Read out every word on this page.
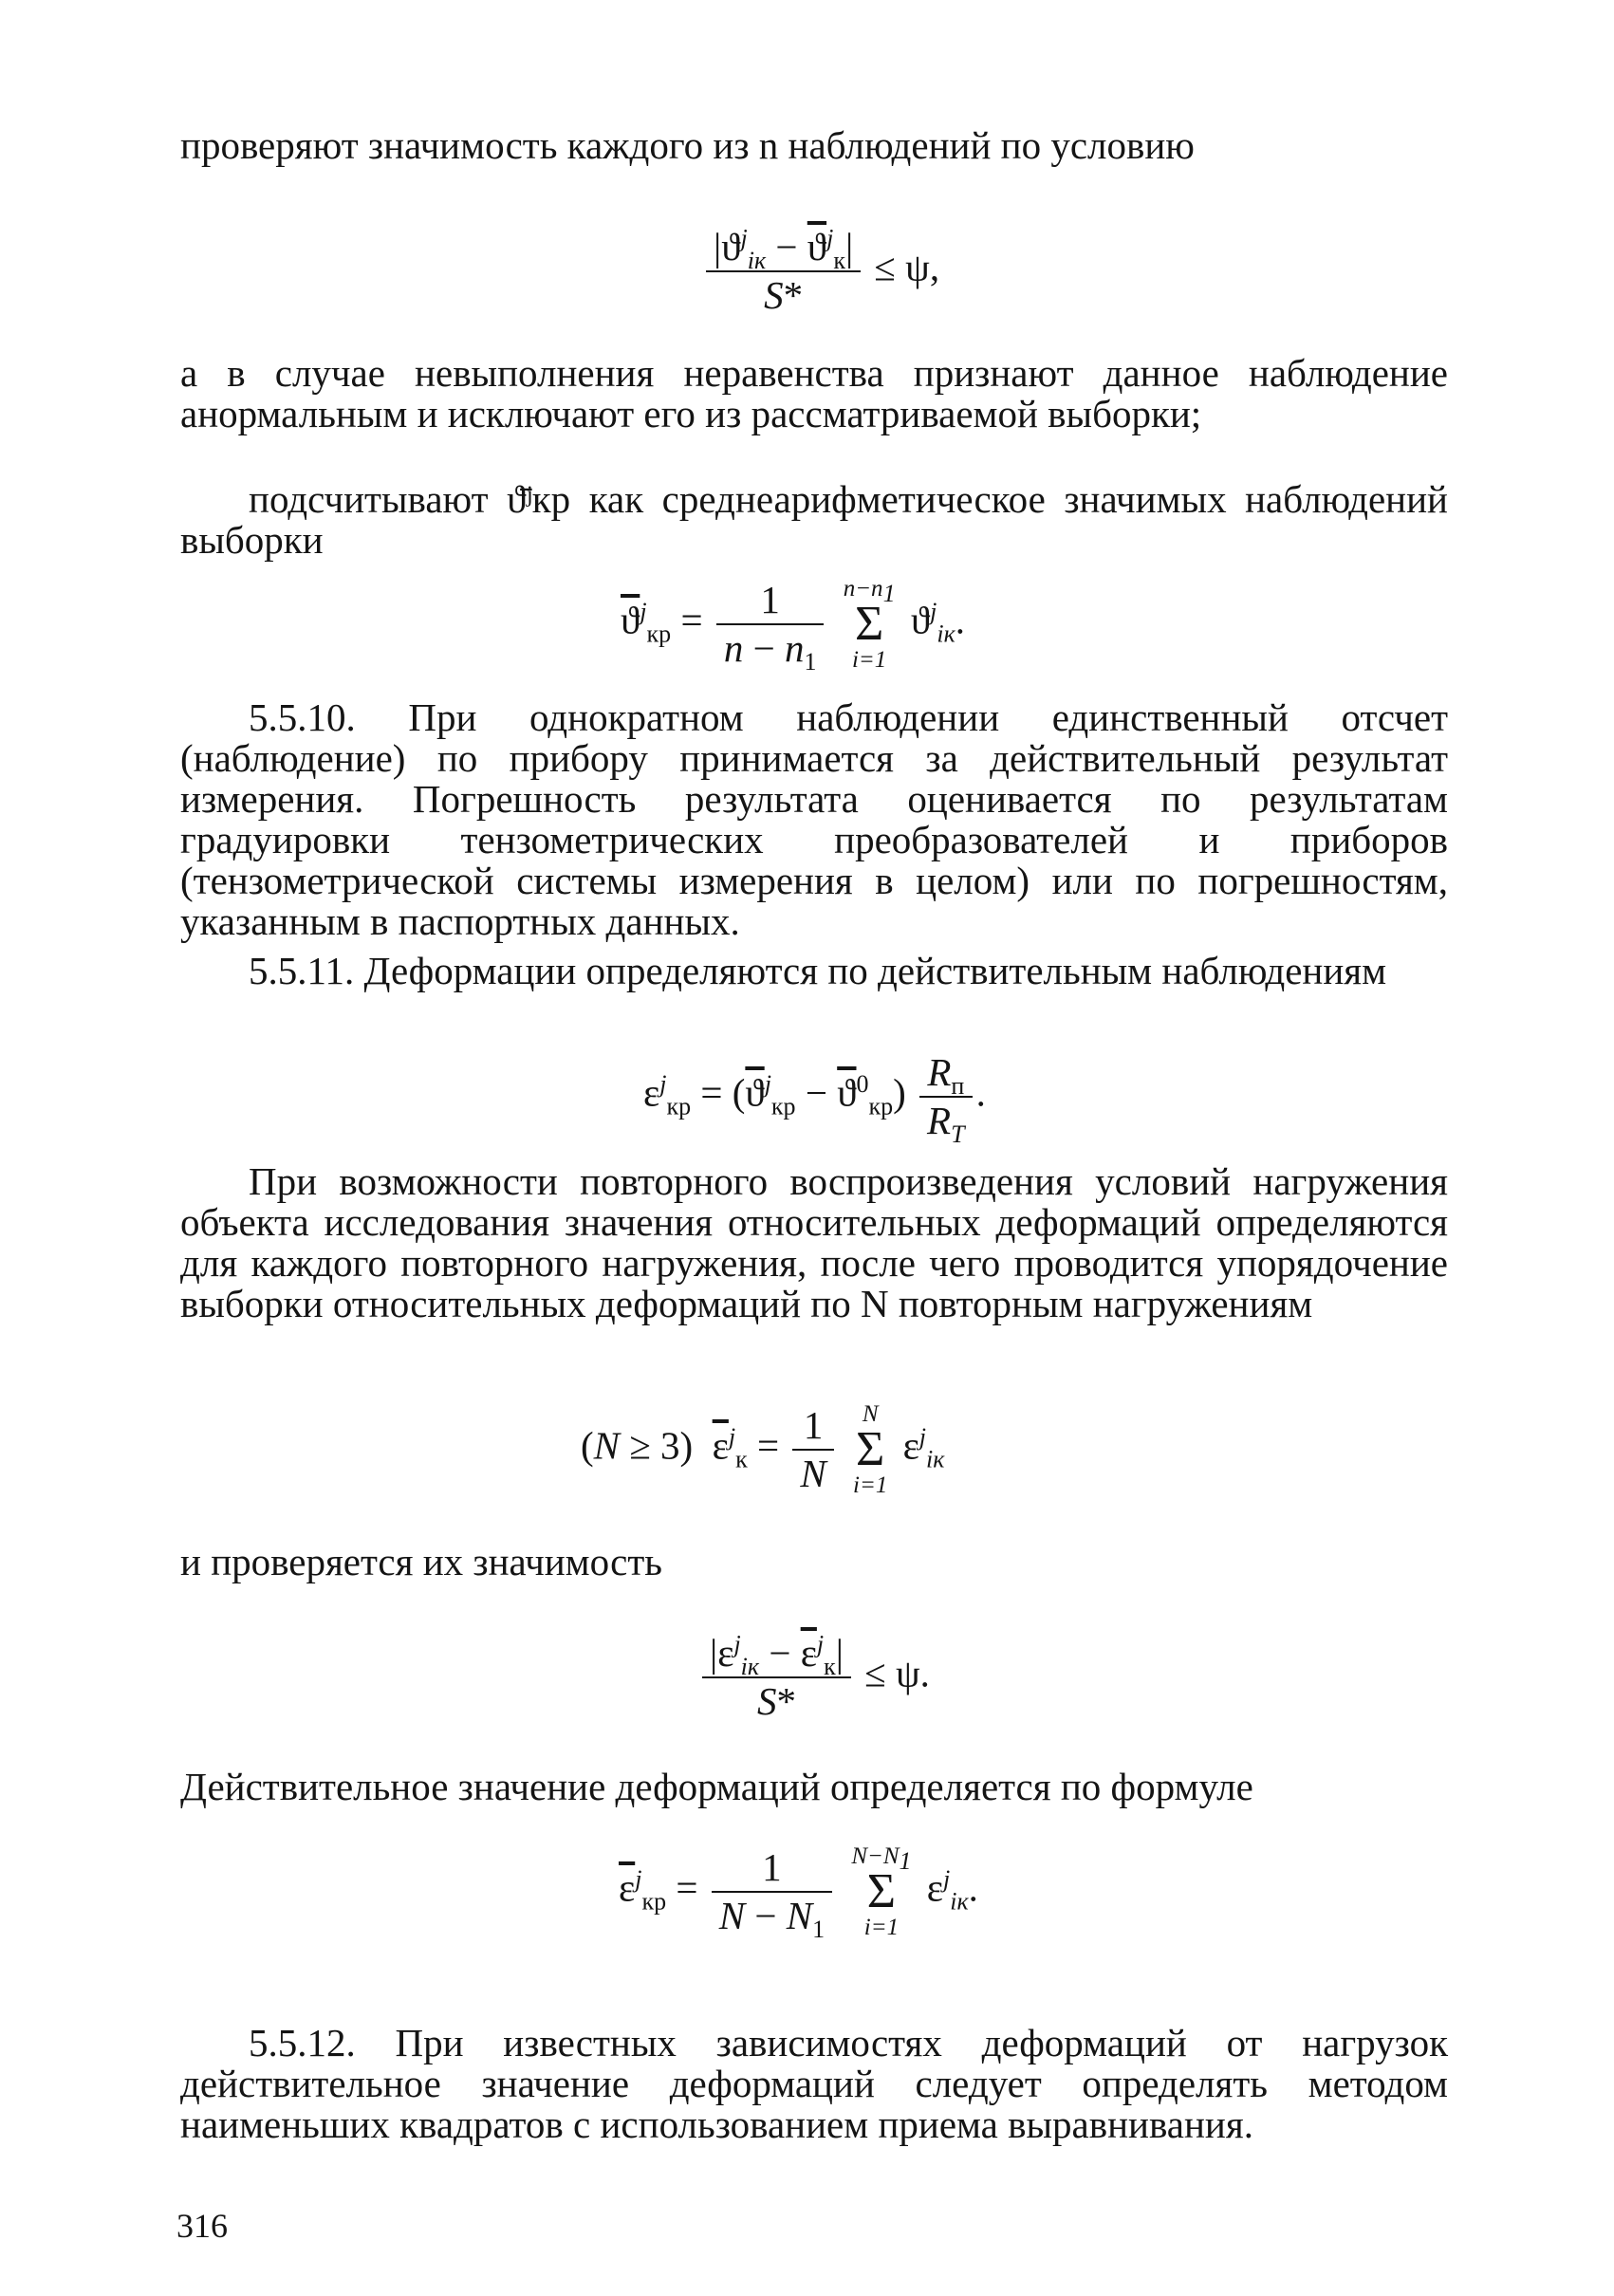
проверяют значимость каждого из n наблюдений по условию

$\frac{|ϑ^j_{iк} - \overline{ϑ}^j_к|}{S*} \le \psi$,

а в случае невыполнения неравенства признают данное наблюдение анормальным и исключают его из рассматриваемой выборки;

подсчитывают ϑ̄ʲкр как среднеарифметическое значимых наблюдений выборки

$\overline{ϑ}^j_{кр} = \frac{1}{n - n_1}$
$n-n_1$
Σ
i=1
$ϑ^j_{iк}$.

5.5.10. При однократном наблюдении единственный отсчет (наблюдение) по прибору принимается за действительный результат измерения. Погрешность результата оценивается по результатам градуировки тензометрических преобразователей и приборов (тензометрической системы измерения в целом) или по погрешностям, указанным в паспортных данных.

5.5.11. Деформации определяются по действительным наблюдениям

$\varepsilon^j_{кр} = (\overline{ϑ}^j_{кр} - \overline{ϑ}^0_{кр}) \frac{R_п}{R_T}$ .

При возможности повторного воспроизведения условий нагружения объекта исследования значения относительных деформаций определяются для каждого повторного нагружения, после чего проводится упорядочение выборки относительных деформаций по N повторным нагружениям

(N ≥ 3)  $\overline{\varepsilon}^j_к = \frac{1}{N}$
	N
Σ
i=1
$\varepsilon^j_{iк}$

и проверяется их значимость

$\frac{|\varepsilon^j_{iк} - \overline{\varepsilon}^j_к|}{S*} \le \psi$.

Действительное значение деформаций определяется по формуле

$\overline{\varepsilon}^j_{кр} = \frac{1}{N - N_1}$
$N-N_1$
Σ
i=1
$\varepsilon^j_{iк}$.

5.5.12. При известных зависимостях деформаций от нагрузок действительное значение деформаций следует определять методом наименьших квадратов с использованием приема выравнивания.

316
